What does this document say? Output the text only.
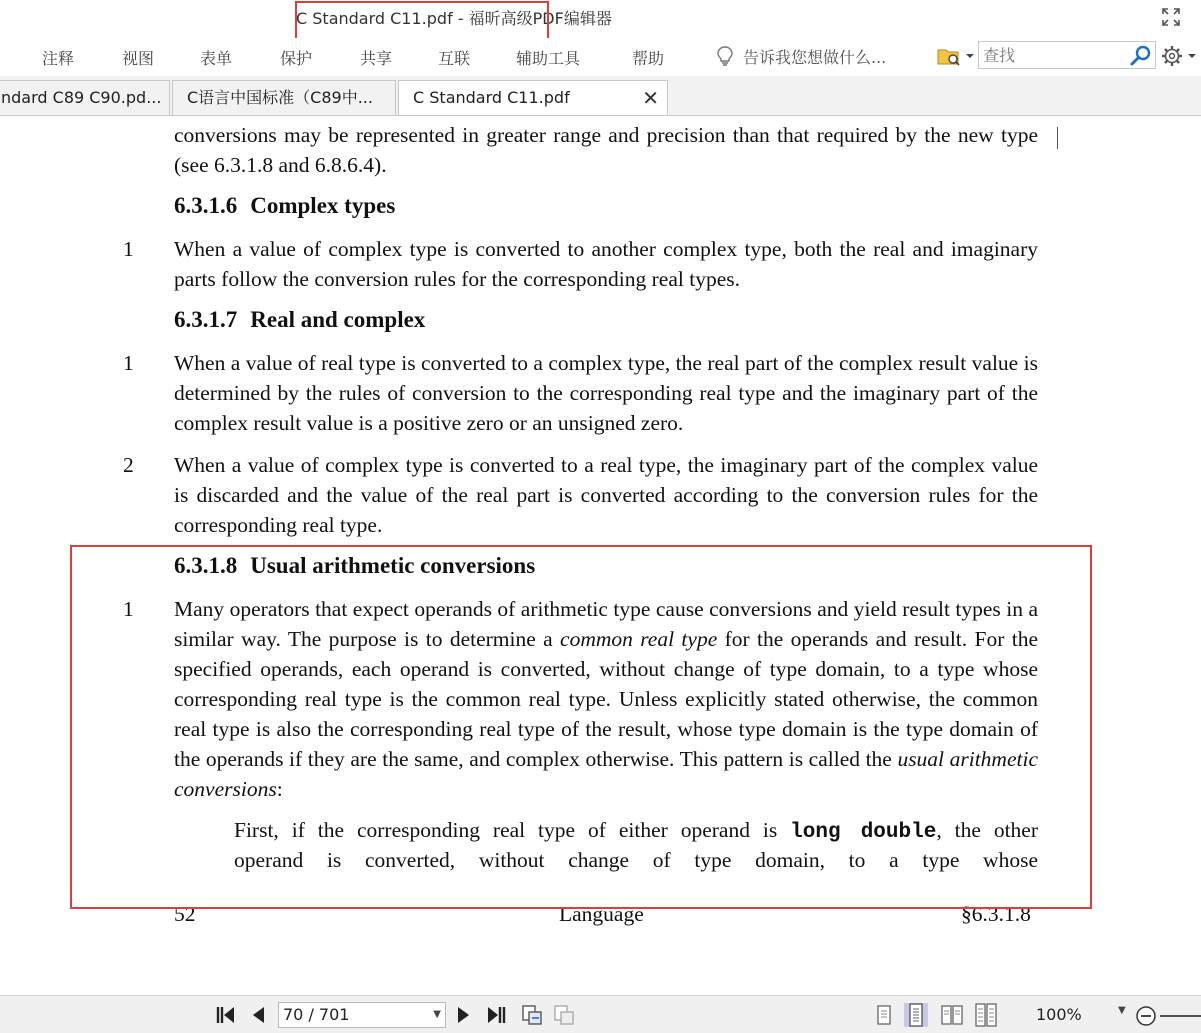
C Standard C11.pdf - 福昕高级PDF编辑器
注释	视图	表单	保护	共享	互联	辅助工具	帮助	告诉我您想做什么...
查找
ndard C89 C90.pd...	C语言中国标准（C89中...	C Standard C11.pdf	✕
conversions may be represented in greater range and precision than that required by the new type (see 6.3.1.8 and 6.8.6.4).
6.3.1.6 Complex types
1 When a value of complex type is converted to another complex type, both the real and imaginary parts follow the conversion rules for the corresponding real types.
6.3.1.7 Real and complex
1 When a value of real type is converted to a complex type, the real part of the complex result value is determined by the rules of conversion to the corresponding real type and the imaginary part of the complex result value is a positive zero or an unsigned zero.
2 When a value of complex type is converted to a real type, the imaginary part of the complex value is discarded and the value of the real part is converted according to the conversion rules for the corresponding real type.
6.3.1.8 Usual arithmetic conversions
1 Many operators that expect operands of arithmetic type cause conversions and yield result types in a similar way. The purpose is to determine a common real type for the operands and result. For the specified operands, each operand is converted, without change of type domain, to a type whose corresponding real type is the common real type. Unless explicitly stated otherwise, the common real type is also the corresponding real type of the result, whose type domain is the type domain of the operands if they are the same, and complex otherwise. This pattern is called the usual arithmetic conversions:
First, if the corresponding real type of either operand is long double, the other
operand is converted, without change of type domain, to a type whose
52	Language	§6.3.1.8
70 / 701	▼	100%	▼
